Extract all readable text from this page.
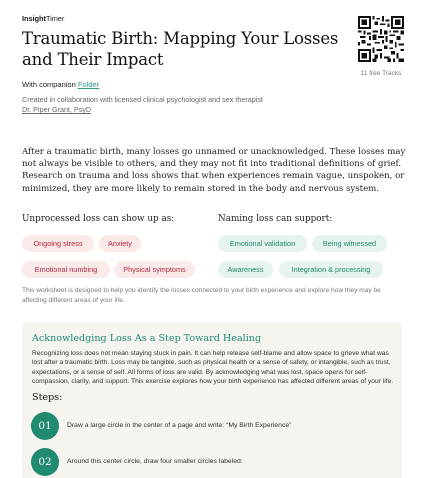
InsightTimer
Traumatic Birth: Mapping Your Losses and Their Impact
With companion Folder
Created in collaboration with licensed clinical psychologist and sex therapist Dr. Piper Grant, PsyD
11 free Tracks

After a traumatic birth, many losses go unnamed or unacknowledged. These losses may not always be visible to others, and they may not fit into traditional definitions of grief. Research on trauma and loss shows that when experiences remain vague, unspoken, or minimized, they are more likely to remain stored in the body and nervous system.

Unprocessed loss can show up as:	Naming loss can support:
Ongoing stress	Anxiety
Emotional numbing	Physical symptoms
Emotional validation	Being witnessed
Awareness	Integration & processing

This worksheet is designed to help you identify the losses connected to your birth experience and explore how they may be affecting different areas of your life.

Acknowledging Loss As a Step Toward Healing

Recognizing loss does not mean staying stuck in pain. It can help release self-blame and allow space to grieve what was lost after a traumatic birth. Loss may be tangible, such as physical health or a sense of safety, or intangible, such as trust, expectations, or a sense of self. All forms of loss are valid. By acknowledging what was lost, space opens for self-compassion, clarity, and support. This exercise explores how your birth experience has affected different areas of your life.

Steps:
01	Draw a large circle in the center of a page and write: “My Birth Experience”
02	Around this center circle, draw four smaller circles labeled:
